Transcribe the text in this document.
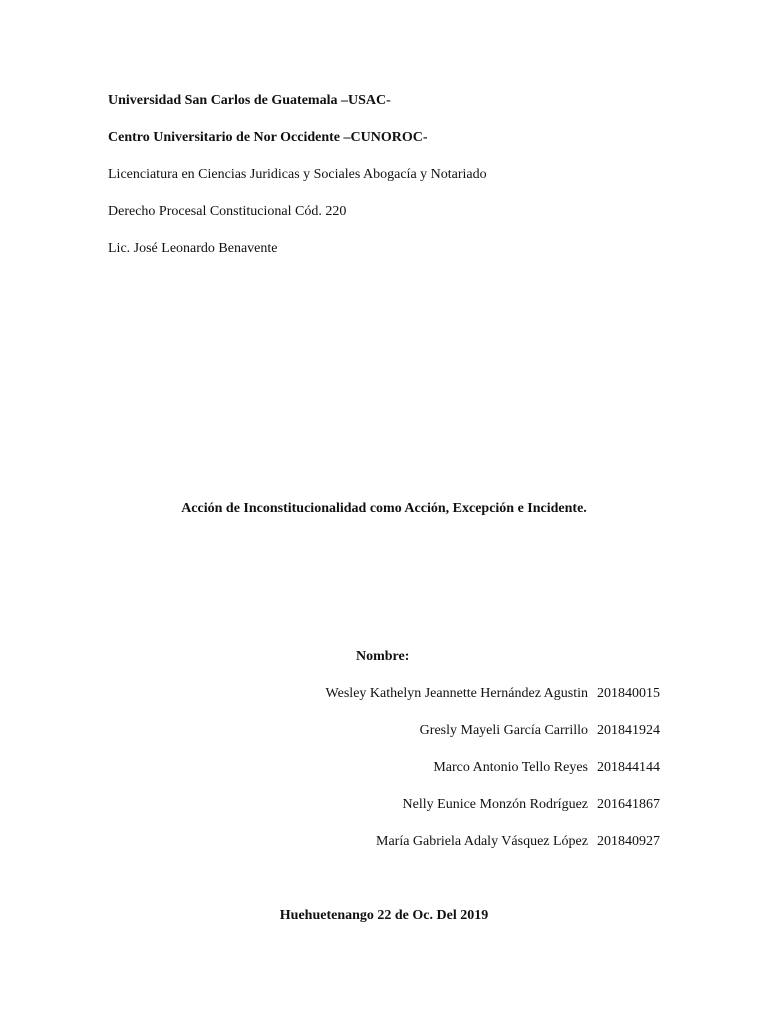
Universidad San Carlos de Guatemala –USAC-
Centro Universitario de Nor Occidente –CUNOROC-
Licenciatura en Ciencias Juridicas y Sociales Abogacía y Notariado
Derecho Procesal Constitucional Cód. 220
Lic. José Leonardo Benavente
Acción de Inconstitucionalidad como Acción, Excepción e Incidente.
Nombre:
Wesley Kathelyn Jeannette Hernández Agustin 201840015
Gresly Mayeli García Carrillo 201841924
Marco Antonio Tello Reyes 201844144
Nelly Eunice Monzón Rodríguez 201641867
María Gabriela Adaly Vásquez López 201840927
Huehuetenango 22 de Oc. Del 2019
